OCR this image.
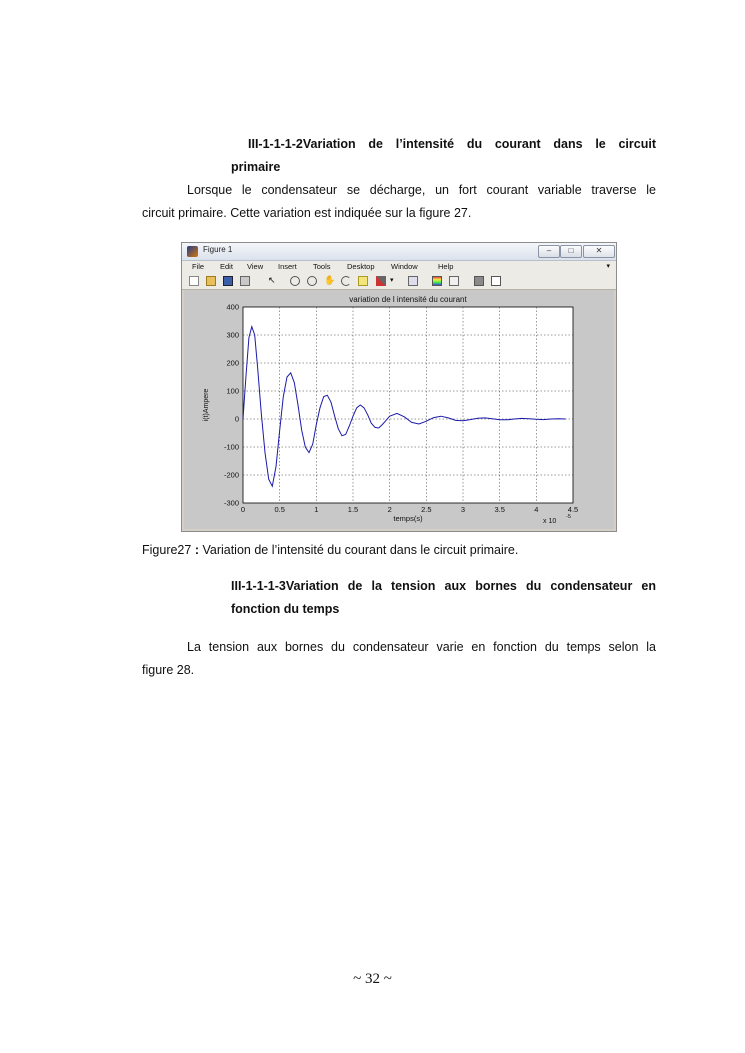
III-1-1-1-2Variation de l’intensité du courant dans le circuit
primaire
Lorsque le condensateur se décharge, un fort courant variable traverse le
circuit primaire. Cette variation est indiquée sur la figure 27.
Figure 1	–	□	✕
File Edit View Insert Tools Desktop Window	Help	▾
↖	✋	▾
0	0.5	1	1.5	2	2.5	3	3.5	4	4.5
400
300
200
100
0
-100
-200
-300
variation de l intensité du courant
temps(s)
i(t)Ampere
x 10
-5
Figure27 : Variation de l’intensité du courant dans le circuit primaire.
III-1-1-1-3Variation de la tension aux bornes du condensateur en
fonction du temps
La tension aux bornes du condensateur varie en fonction du temps selon la
figure 28.
~ 32 ~
